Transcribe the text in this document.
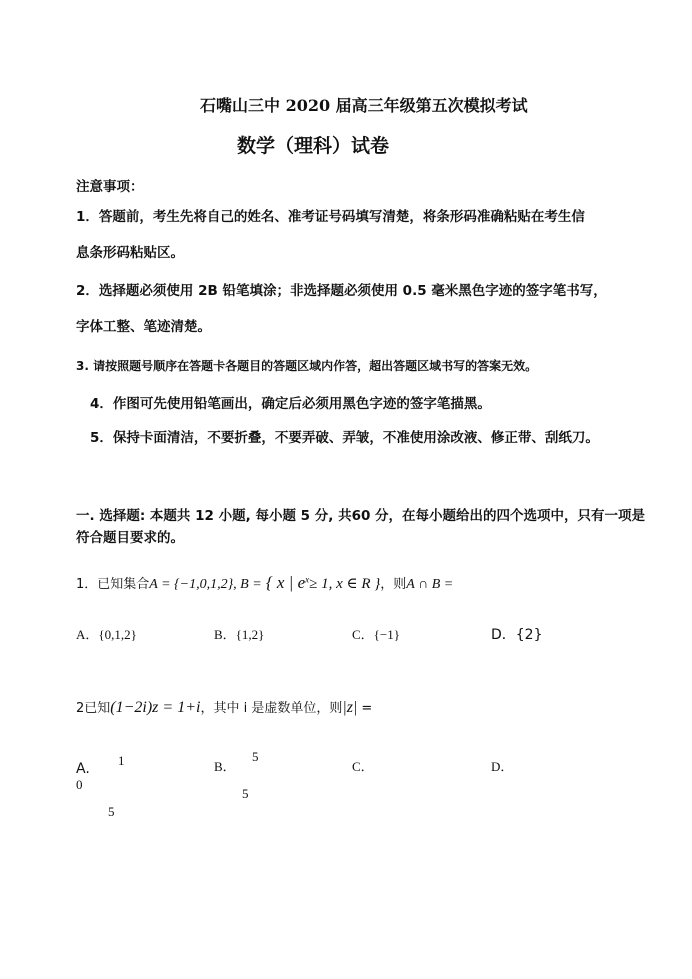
石嘴山三中 2020 届高三年级第五次模拟考试
数学（理科）试卷
注意事项：
1．答题前，考生先将自己的姓名、准考证号码填写清楚，将条形码准确粘贴在考生信
息条形码粘贴区。
2．选择题必须使用 2B 铅笔填涂；非选择题必须使用 0.5 毫米黑色字迹的签字笔书写，
字体工整、笔迹清楚。
3. 请按照题号顺序在答题卡各题目的答题区域内作答，超出答题区域书写的答案无效。
4．作图可先使用铅笔画出，确定后必须用黑色字迹的签字笔描黑。
5．保持卡面清洁，不要折叠，不要弄破、弄皱，不准使用涂改液、修正带、刮纸刀。
一. 选择题: 本题共 12 小题, 每小题 5 分, 共60 分，在每小题给出的四个选项中，只有一项是
符合题目要求的。
1．已知集合A = {−1,0,1,2}, B = { x | $e^x\ge 1$, x ∈ R }，则A ∩ B =
A．{0,1,2}	B．{1,2}	C．{−1}	D．{2}
2已知(1−2i)z = 1+i，其中 i 是虚数单位，则|z| =
A.
1
0
5
B．
5
5
C．	D．
